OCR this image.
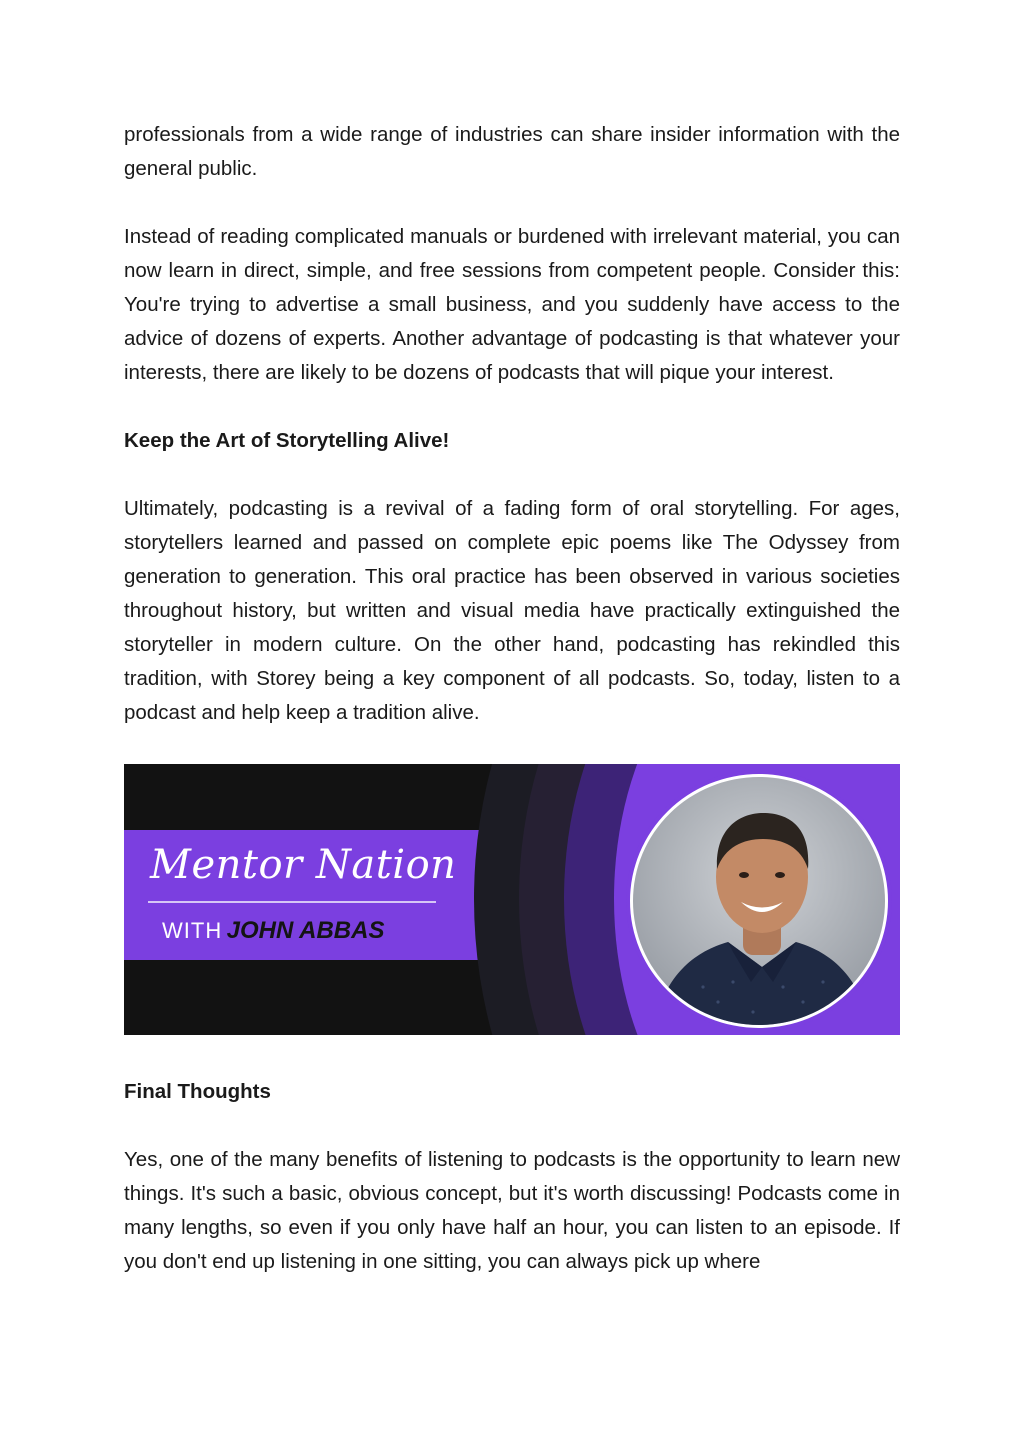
professionals from a wide range of industries can share insider information with the general public.

Instead of reading complicated manuals or burdened with irrelevant material, you can now learn in direct, simple, and free sessions from competent people. Consider this: You're trying to advertise a small business, and you suddenly have access to the advice of dozens of experts. Another advantage of podcasting is that whatever your interests, there are likely to be dozens of podcasts that will pique your interest.

Keep the Art of Storytelling Alive!

Ultimately, podcasting is a revival of a fading form of oral storytelling. For ages, storytellers learned and passed on complete epic poems like The Odyssey from generation to generation. This oral practice has been observed in various societies throughout history, but written and visual media have practically extinguished the storyteller in modern culture. On the other hand, podcasting has rekindled this tradition, with Storey being a key component of all podcasts. So, today, listen to a podcast and help keep a tradition alive.

Mentor Nation
WITH JOHN ABBAS
Final Thoughts

Yes, one of the many benefits of listening to podcasts is the opportunity to learn new things. It's such a basic, obvious concept, but it's worth discussing! Podcasts come in many lengths, so even if you only have half an hour, you can listen to an episode. If you don't end up listening in one sitting, you can always pick up where
